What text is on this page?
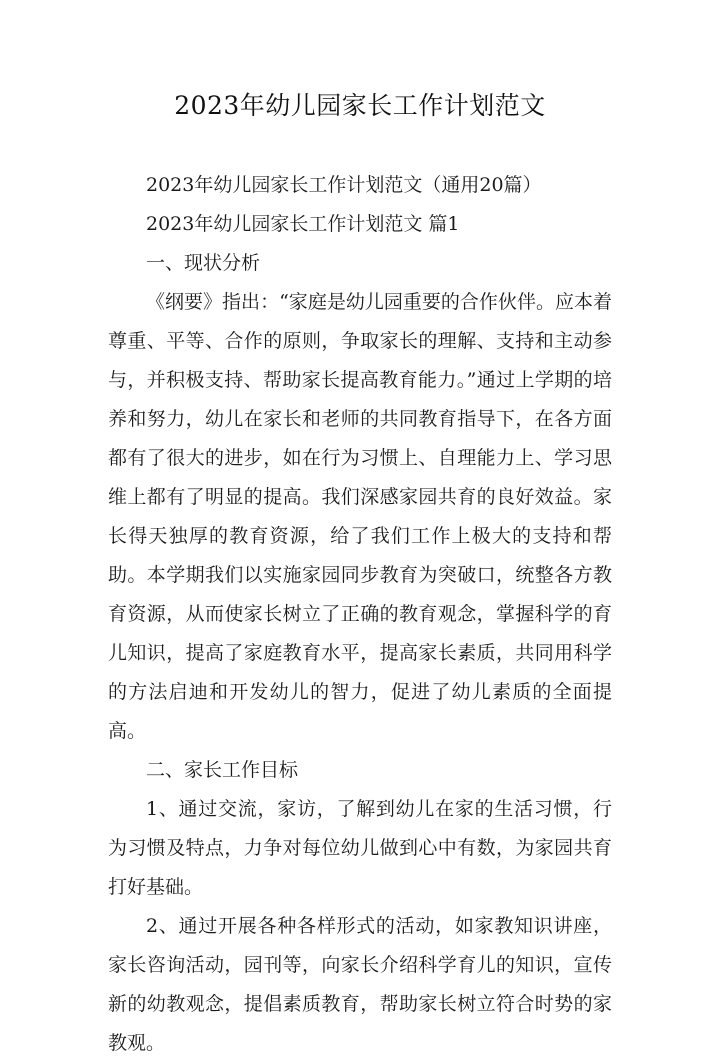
2023年幼儿园家长工作计划范文

2023年幼儿园家长工作计划范文（通用20篇）

2023年幼儿园家长工作计划范文 篇1

一、现状分析

《纲要》指出：“家庭是幼儿园重要的合作伙伴。应本着尊重、平等、合作的原则，争取家长的理解、支持和主动参与，并积极支持、帮助家长提高教育能力。”通过上学期的培养和努力，幼儿在家长和老师的共同教育指导下，在各方面都有了很大的进步，如在行为习惯上、自理能力上、学习思维上都有了明显的提高。我们深感家园共育的良好效益。家长得天独厚的教育资源，给了我们工作上极大的支持和帮助。本学期我们以实施家园同步教育为突破口，统整各方教育资源，从而使家长树立了正确的教育观念，掌握科学的育儿知识，提高了家庭教育水平，提高家长素质，共同用科学的方法启迪和开发幼儿的智力，促进了幼儿素质的全面提高。

二、家长工作目标

1、通过交流，家访，了解到幼儿在家的生活习惯，行为习惯及特点，力争对每位幼儿做到心中有数，为家园共育打好基础。

2、通过开展各种各样形式的活动，如家教知识讲座，家长咨询活动，园刊等，向家长介绍科学育儿的知识，宣传新的幼教观念，提倡素质教育，帮助家长树立符合时势的家教观。
